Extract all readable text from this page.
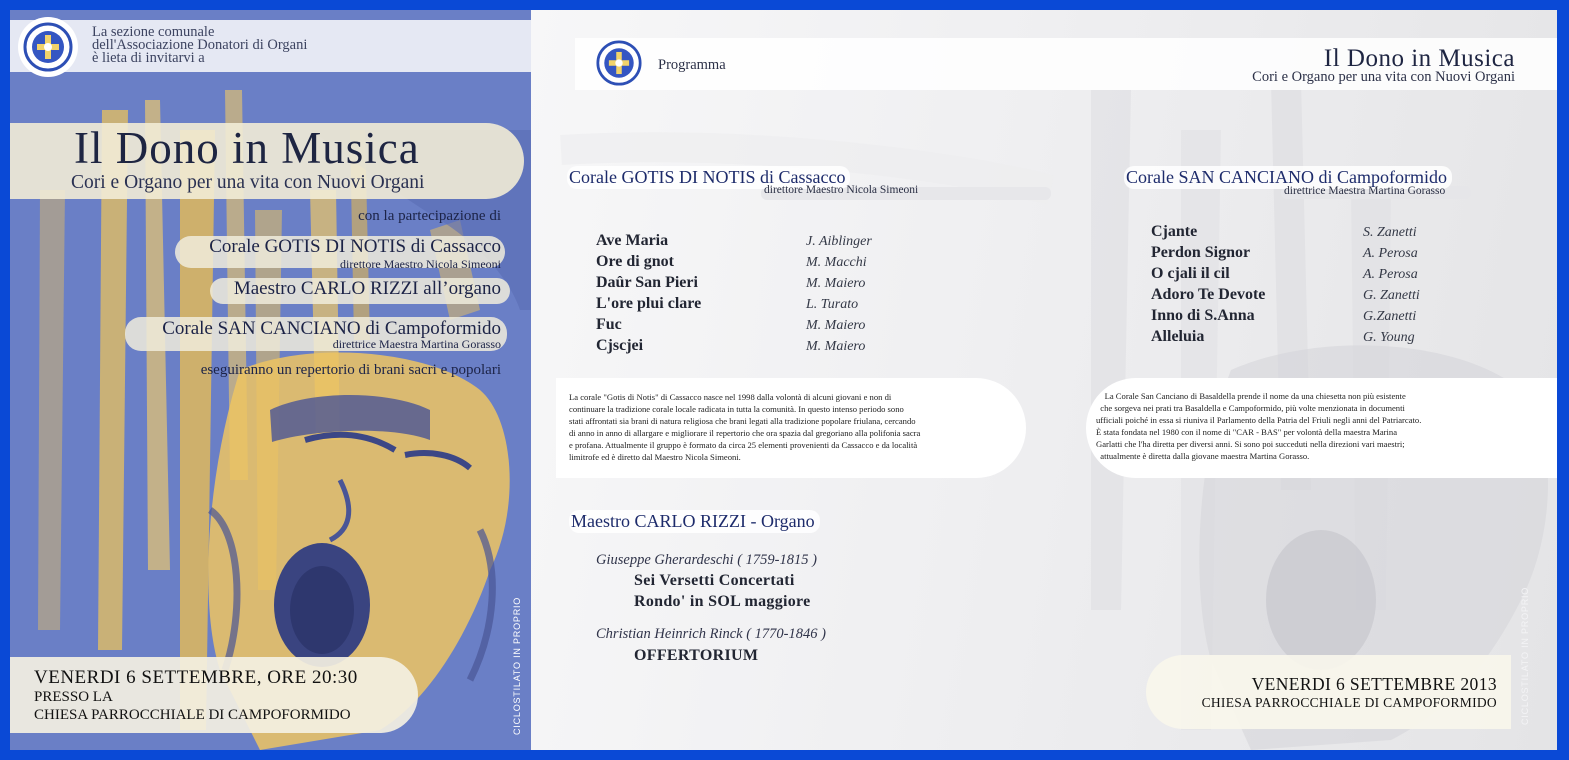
La sezione comunale
dell'Associazione Donatori di Organi
è lieta di invitarvi a
Il Dono in Musica
Cori e Organo per una vita con Nuovi Organi
con la partecipazione di
Corale GOTIS DI NOTIS di Cassacco
direttore Maestro Nicola Simeoni
Maestro CARLO RIZZI all’organo
Corale SAN CANCIANO di Campoformido
direttrice Maestra Martina Gorasso
eseguiranno un repertorio di brani sacri e popolari
VENERDI 6 SETTEMBRE, ORE 20:30
PRESSO LA
CHIESA PARROCCHIALE DI CAMPOFORMIDO	CICLOSTILATO IN PROPRIO
Programma	Il Dono in Musica
Cori e Organo per una vita con Nuovi Organi
Corale GOTIS DI NOTIS di Cassacco
direttore Maestro Nicola Simeoni
Ave Maria	J. Aiblinger
Ore di gnot	M. Macchi
Daûr San Pieri	M. Maiero
L'ore plui clare	L. Turato
Fuc	M. Maiero
Cjscjei	M. Maiero
La corale "Gotis di Notis" di Cassacco nasce nel 1998 dalla volontà di alcuni giovani e non di
continuare la tradizione corale locale radicata in tutta la comunità. In questo intenso periodo sono
stati affrontati sia brani di natura religiosa che brani legati alla tradizione popolare friulana, cercando
di anno in anno di allargare e migliorare il repertorio che ora spazia dal gregoriano alla polifonia sacra
e profana. Attualmente il gruppo è formato da circa 25 elementi provenienti da Cassacco e da località
limitrofe ed è diretto dal Maestro Nicola Simeoni.
Maestro CARLO RIZZI - Organo
Giuseppe Gherardeschi ( 1759-1815 )
Sei Versetti Concertati
Rondo' in SOL maggiore
Christian Heinrich Rinck ( 1770-1846 )
OFFERTORIUM
Corale SAN CANCIANO di Campoformido
direttrice Maestra Martina Gorasso
Cjante	S. Zanetti
Perdon Signor	A. Perosa
O cjali il cil	A. Perosa
Adoro Te Devote	G. Zanetti
Inno di S.Anna	G.Zanetti
Alleluia	G. Young
La Corale San Canciano di Basaldella prende il nome da una chiesetta non più esistente
che sorgeva nei prati tra Basaldella e Campoformido, più volte menzionata in documenti
ufficiali poiché in essa si riuniva il Parlamento della Patria del Friuli negli anni del Patriarcato.
È stata fondata nel 1980 con il nome di "CAR - BAS" per volontà della maestra Marina
Garlatti che l'ha diretta per diversi anni. Si sono poi succeduti nella direzioni vari maestri;
attualmente è diretta dalla giovane maestra Martina Gorasso.
VENERDI 6 SETTEMBRE 2013
CHIESA PARROCCHIALE DI CAMPOFORMIDO	CICLOSTILATO IN PROPRIO
